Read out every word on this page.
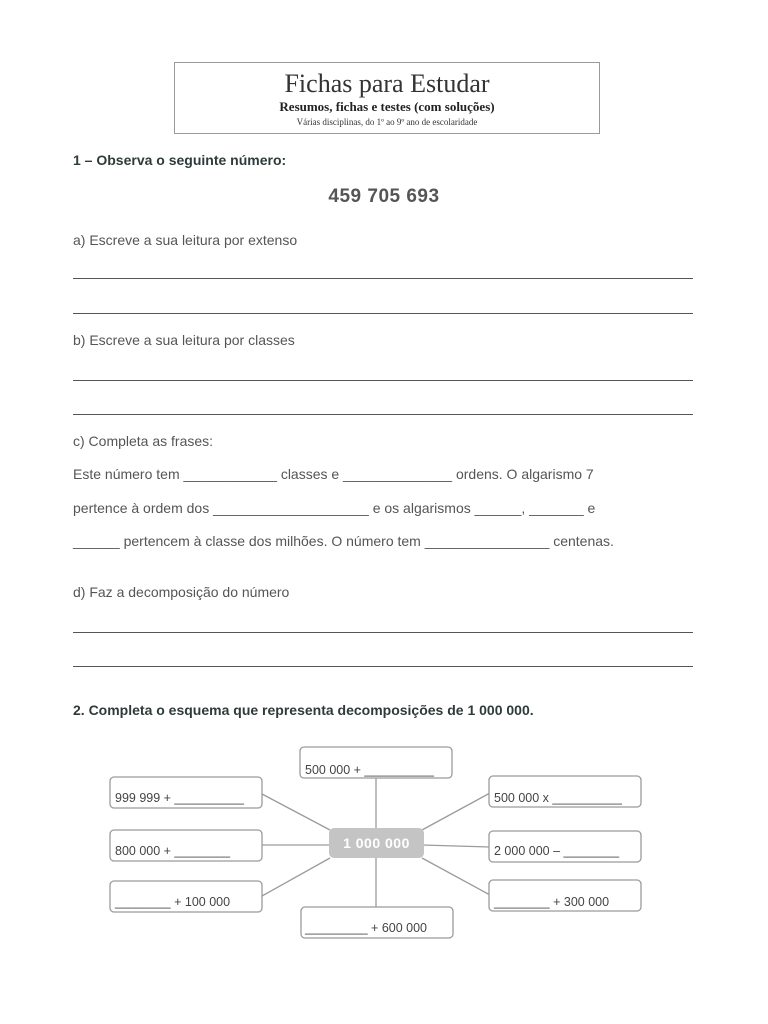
Fichas para Estudar
Resumos, fichas e testes (com soluções)
Várias disciplinas, do 1º ao 9º ano de escolaridade
1 – Observa o seguinte número:
459 705 693
a) Escreve a sua leitura por extenso
b) Escreve a sua leitura por classes
c) Completa as frases:
Este número tem ____________ classes e ______________ ordens. O algarismo 7
pertence à ordem dos ____________________ e os algarismos ______, _______ e
______ pertencem à classe dos milhões. O número tem ________________ centenas.
d) Faz a decomposição do número
2. Completa o esquema que representa decomposições de 1 000 000.
500 000 + __________
999 999 + __________
800 000 + ________
________ + 100 000
_________ + 600 000
500 000 x __________
2 000 000 – ________
________ + 300 000
1 000 000
